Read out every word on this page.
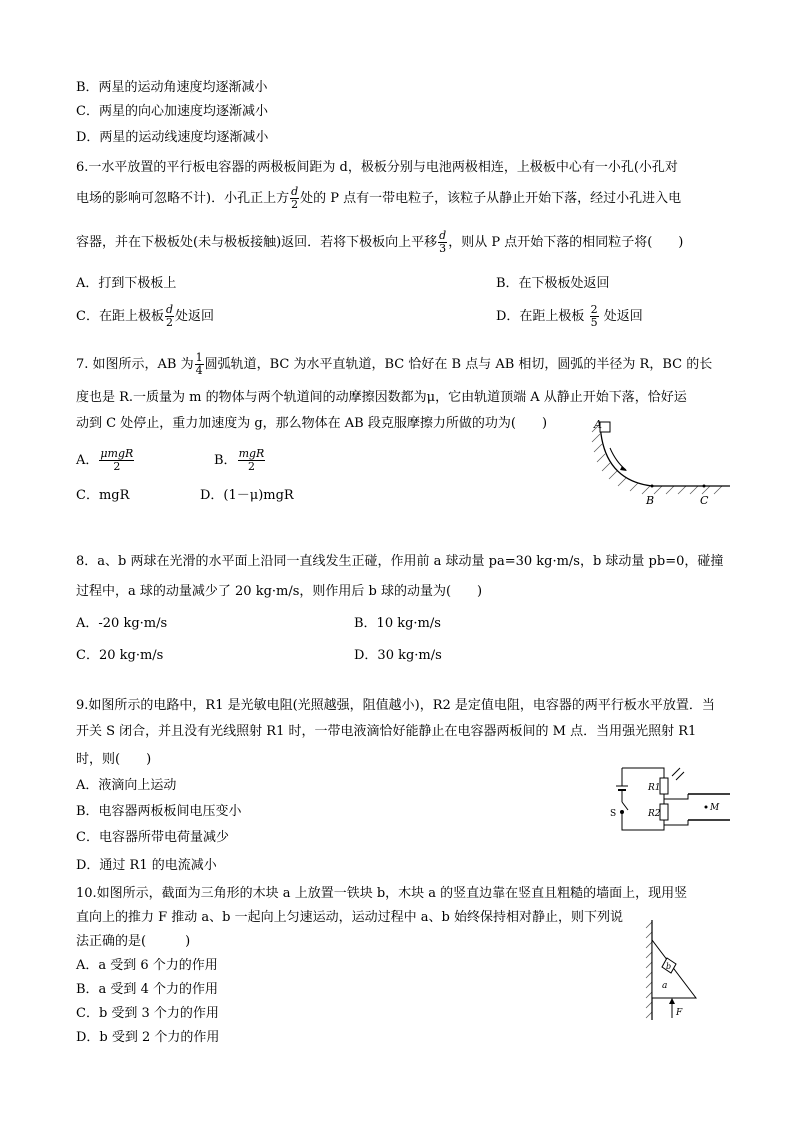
B．两星的运动角速度均逐渐减小
C．两星的向心加速度均逐渐减小
D．两星的运动线速度均逐渐减小
6.一水平放置的平行板电容器的两极板间距为 d，极板分别与电池两极相连，上极板中心有一小孔(小孔对
电场的影响可忽略不计)．小孔正上方 $\frac{d}{2}$ 处的 P 点有一带电粒子，该粒子从静止开始下落，经过小孔进入电
容器，并在下极板处(未与极板接触)返回．若将下极板向上平移 $\frac{d}{3}$ ，则从 P 点开始下落的相同粒子将(　　)
A．打到下极板上	B．在下极板处返回
C．在距上极板 $\frac{d}{2}$ 处返回	D．在距上极板 $\frac{2}{5}$ 处返回
7. 如图所示，AB 为 $\frac{1}{4}$ 圆弧轨道，BC 为水平直轨道，BC 恰好在 B 点与 AB 相切，圆弧的半径为 R，BC 的长
度也是 R.一质量为 m 的物体与两个轨道间的动摩擦因数都为μ，它由轨道顶端 A 从静止开始下落，恰好运
动到 C 处停止，重力加速度为 g，那么物体在 AB 段克服摩擦力所做的功为(　　)
A． $\frac{\text{μmgR}}{2}$	B． $\frac{\text{mgR}}{2}$
C．mgR	D．(1－μ)mgR
A
B	C
8．a、b 两球在光滑的水平面上沿同一直线发生正碰，作用前 a 球动量 pa=30 kg·m/s，b 球动量 pb=0，碰撞
过程中，a 球的动量减少了 20 kg·m/s，则作用后 b 球的动量为(　　)
A．-20 kg·m/s	B．10 kg·m/s
C．20 kg·m/s	D．30 kg·m/s
9.如图所示的电路中，R1 是光敏电阻(光照越强，阻值越小)，R2 是定值电阻，电容器的两平行板水平放置．当
开关 S 闭合，并且没有光线照射 R1 时，一带电液滴恰好能静止在电容器两板间的 M 点．当用强光照射 R1
时，则(　　)
A．液滴向上运动
B．电容器两板板间电压变小
C．电容器所带电荷量减少
D．通过 R1 的电流减小
R1
R2
S
M
10.如图所示，截面为三角形的木块 a 上放置一铁块 b，木块 a 的竖直边靠在竖直且粗糙的墙面上，现用竖
直向上的推力 F 推动 a、b 一起向上匀速运动，运动过程中 a、b 始终保持相对静止，则下列说
法正确的是(　　　)
A．a 受到 6 个力的作用
B．a 受到 4 个力的作用
C．b 受到 3 个力的作用
D．b 受到 2 个力的作用
b
a
F
